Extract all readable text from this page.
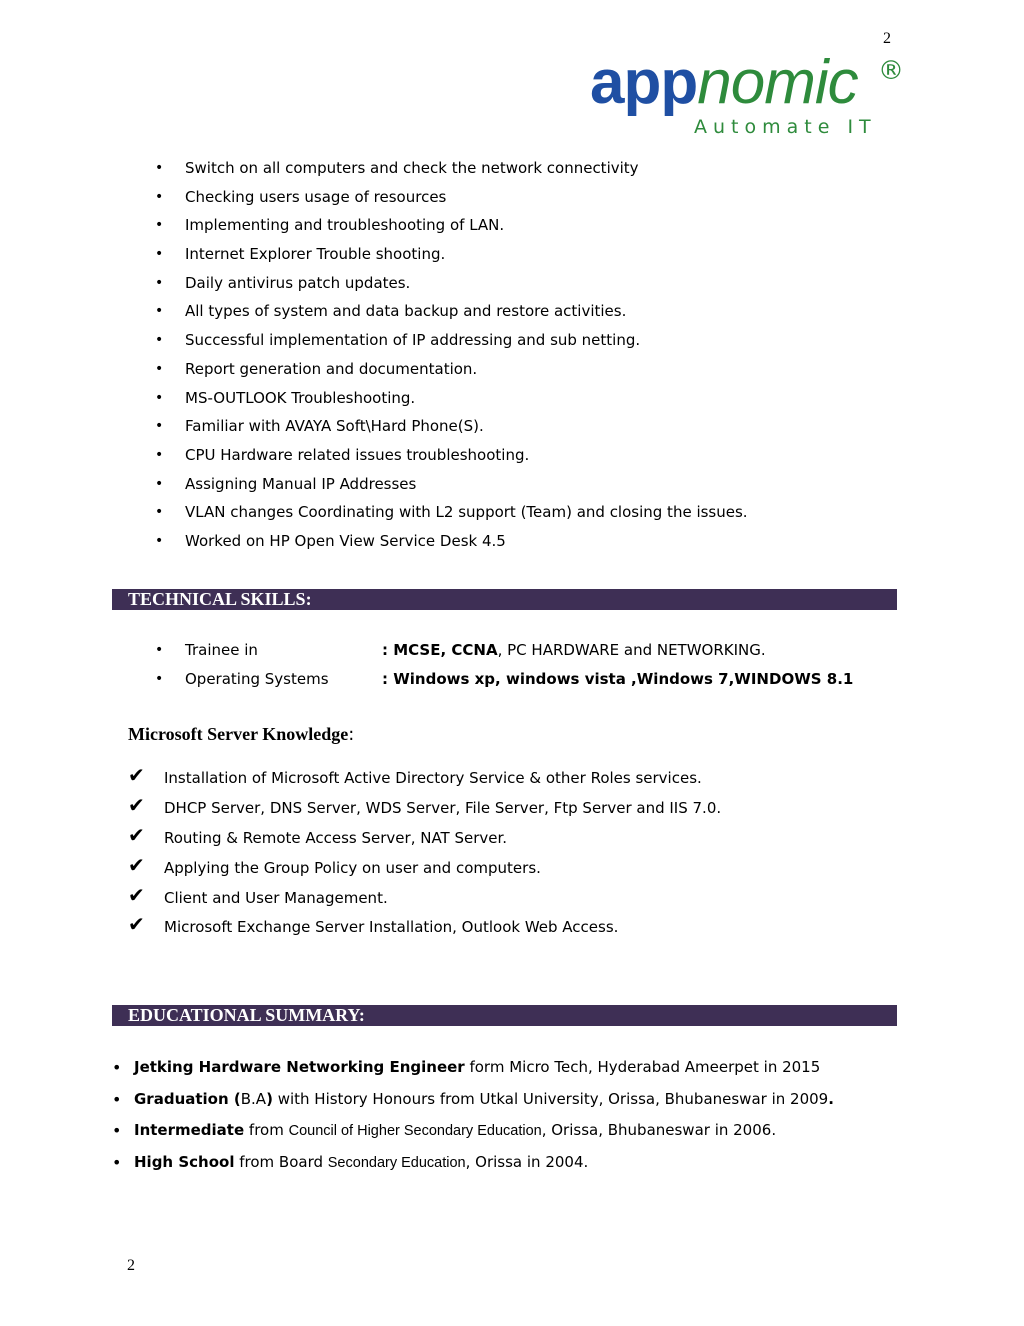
2
appnomic ®
Automate IT
• Switch on all computers and check the network connectivity
• Checking users usage of resources
• Implementing and troubleshooting of LAN.
• Internet Explorer Trouble shooting.
• Daily antivirus patch updates.
• All types of system and data backup and restore activities.
• Successful implementation of IP addressing and sub netting.
• Report generation and documentation.
• MS-OUTLOOK Troubleshooting.
• Familiar with AVAYA Soft\Hard Phone(S).
• CPU Hardware related issues troubleshooting.
• Assigning Manual IP Addresses
• VLAN changes Coordinating with L2 support (Team) and closing the issues.
• Worked on HP Open View Service Desk 4.5
TECHNICAL SKILLS:
• Trainee in	: MCSE, CCNA, PC HARDWARE and NETWORKING.
• Operating Systems	: Windows xp, windows vista ,Windows 7,WINDOWS 8.1
Microsoft Server Knowledge:
✔ Installation of Microsoft Active Directory Service & other Roles services.
✔ DHCP Server, DNS Server, WDS Server, File Server, Ftp Server and IIS 7.0.
✔ Routing & Remote Access Server, NAT Server.
✔ Applying the Group Policy on user and computers.
✔ Client and User Management.
✔ Microsoft Exchange Server Installation, Outlook Web Access.
EDUCATIONAL SUMMARY:
• Jetking Hardware Networking Engineer form Micro Tech, Hyderabad Ameerpet in 2015
• Graduation (B.A) with History Honours from Utkal University, Orissa, Bhubaneswar in 2009.
• Intermediate from Council of Higher Secondary Education, Orissa, Bhubaneswar in 2006.
• High School from Board Secondary Education, Orissa in 2004.
2
